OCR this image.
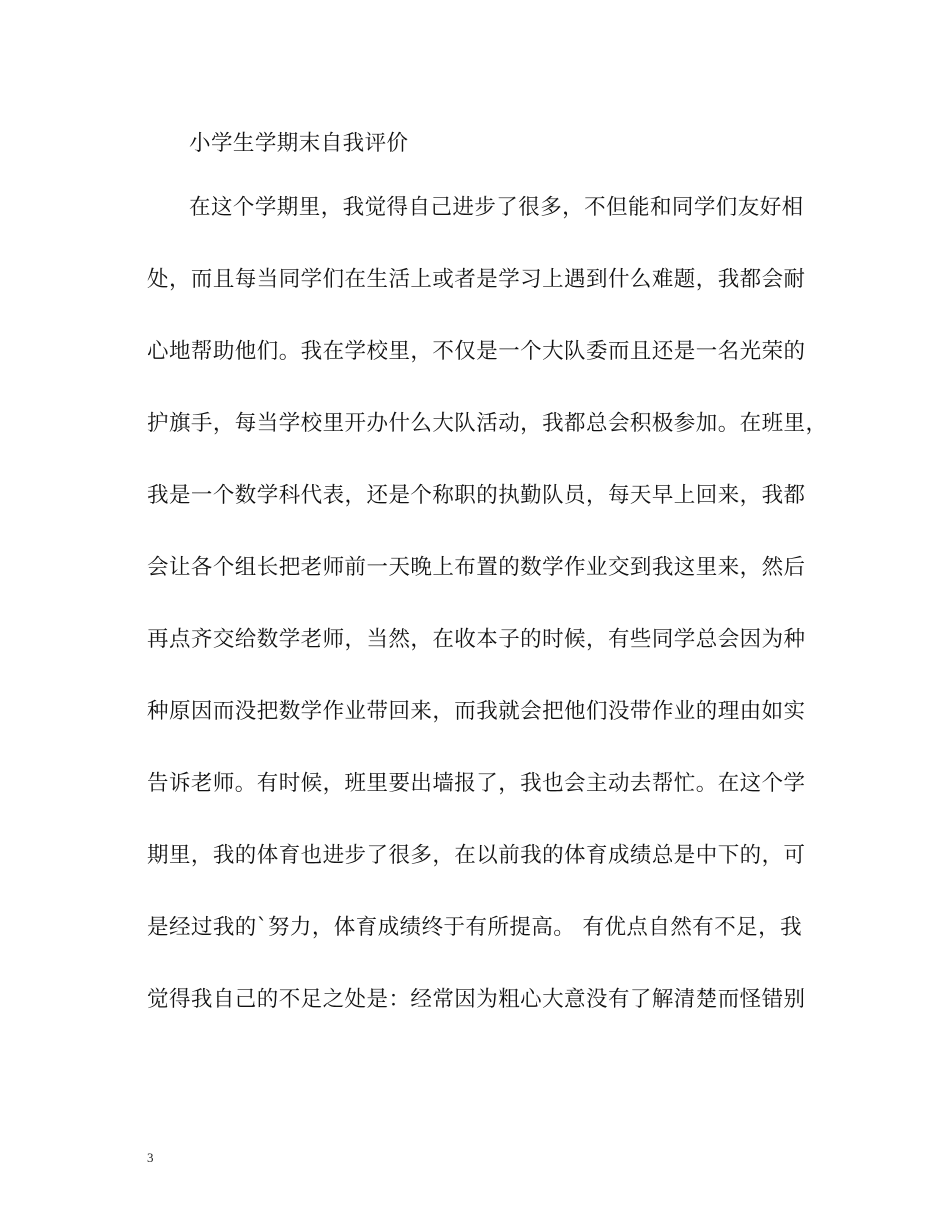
小学生学期末自我评价
在这个学期里，我觉得自己进步了很多，不但能和同学们友好相
处，而且每当同学们在生活上或者是学习上遇到什么难题，我都会耐
心地帮助他们。我在学校里，不仅是一个大队委而且还是一名光荣的
护旗手，每当学校里开办什么大队活动，我都总会积极参加。在班里，
我是一个数学科代表，还是个称职的执勤队员，每天早上回来，我都
会让各个组长把老师前一天晚上布置的数学作业交到我这里来，然后
再点齐交给数学老师，当然，在收本子的时候，有些同学总会因为种
种原因而没把数学作业带回来，而我就会把他们没带作业的理由如实
告诉老师。有时候，班里要出墙报了，我也会主动去帮忙。在这个学
期里，我的体育也进步了很多，在以前我的体育成绩总是中下的，可
是经过我的`努力，体育成绩终于有所提高。 有优点自然有不足，我
觉得我自己的不足之处是：经常因为粗心大意没有了解清楚而怪错别
3
